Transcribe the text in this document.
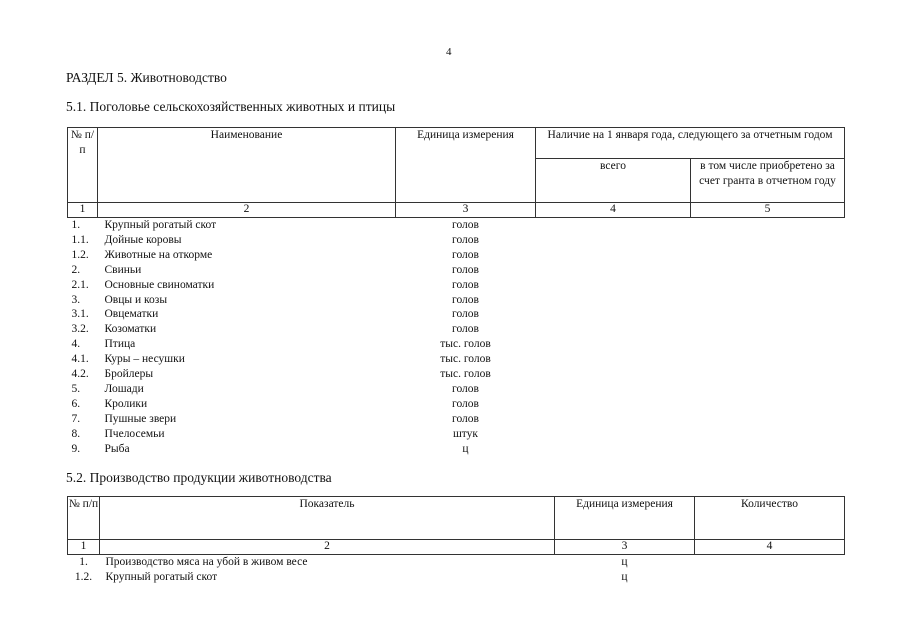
4
РАЗДЕЛ 5. Животноводство
5.1. Поголовье сельскохозяйственных животных и птицы
№ п/п	Наименование	Единица измерения	Наличие на 1 января года, следующего за отчетным годом	
			всего	в том числе приобретено за счет гранта в отчетном году
1	2	3	4	5
1.	Крупный рогатый скот	голов		
1.1.	Дойные коровы	голов		
1.2.	Животные на откорме	голов		
2.	Свиньи	голов		
2.1.	Основные свиноматки	голов		
3.	Овцы и козы	голов		
3.1.	Овцематки	голов		
3.2.	Козоматки	голов		
4.	Птица	тыс. голов		
4.1.	Куры – несушки	тыс. голов		
4.2.	Бройлеры	тыс. голов		
5.	Лошади	голов		
6.	Кролики	голов		
7.	Пушные звери	голов		
8.	Пчелосемьи	штук		
9.	Рыба	ц		
5.2. Производство продукции животноводства
№ п/п	Показатель	Единица измерения	Количество
1	2	3	4
1.	Производство мяса на убой в живом весе	ц	
1.2.	Крупный рогатый скот	ц	
